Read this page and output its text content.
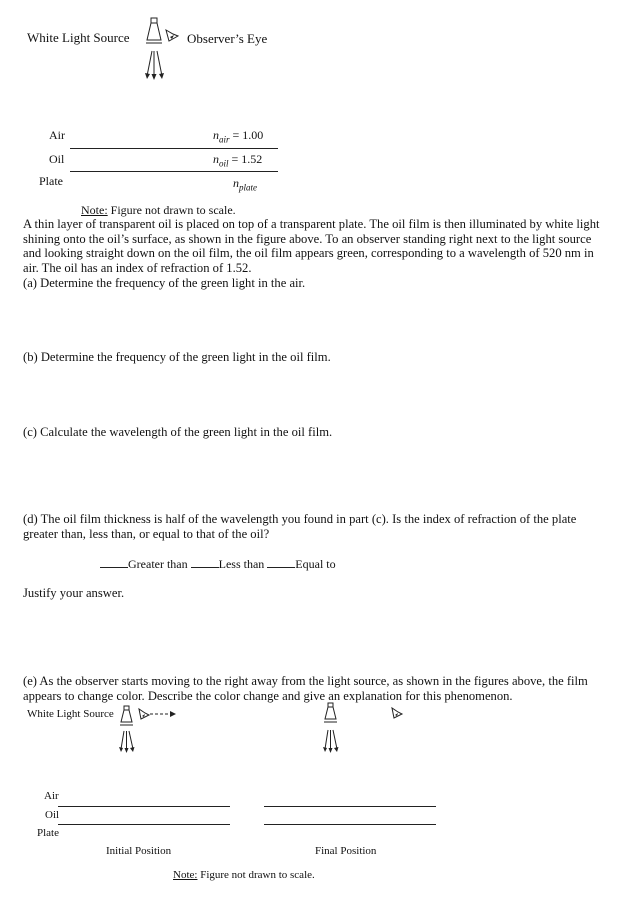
White Light Source	Observer’s Eye
Air	$n_{air} = 1.00$
Oil	$n_{oil} = 1.52$
Plate	$n_{plate}$
Note: Figure not drawn to scale.
A thin layer of transparent oil is placed on top of a transparent plate. The oil film is then illuminated by white light shining onto the oil’s surface, as shown in the figure above. To an observer standing right next to the light source and looking straight down on the oil film, the oil film appears green, corresponding to a wavelength of 520 nm in air. The oil has an index of refraction of 1.52.
(a) Determine the frequency of the green light in the air.
(b) Determine the frequency of the green light in the oil film.
(c) Calculate the wavelength of the green light in the oil film.
(d) The oil film thickness is half of the wavelength you found in part (c). Is the index of refraction of the plate greater than, less than, or equal to that of the oil?
Greater than	Less than	Equal to
Justify your answer.
(e) As the observer starts moving to the right away from the light source, as shown in the figures above, the film appears to change color. Describe the color change and give an explanation for this phenomenon.
White Light Source
Air
Oil
Plate
Initial Position	Final Position
Note: Figure not drawn to scale.
